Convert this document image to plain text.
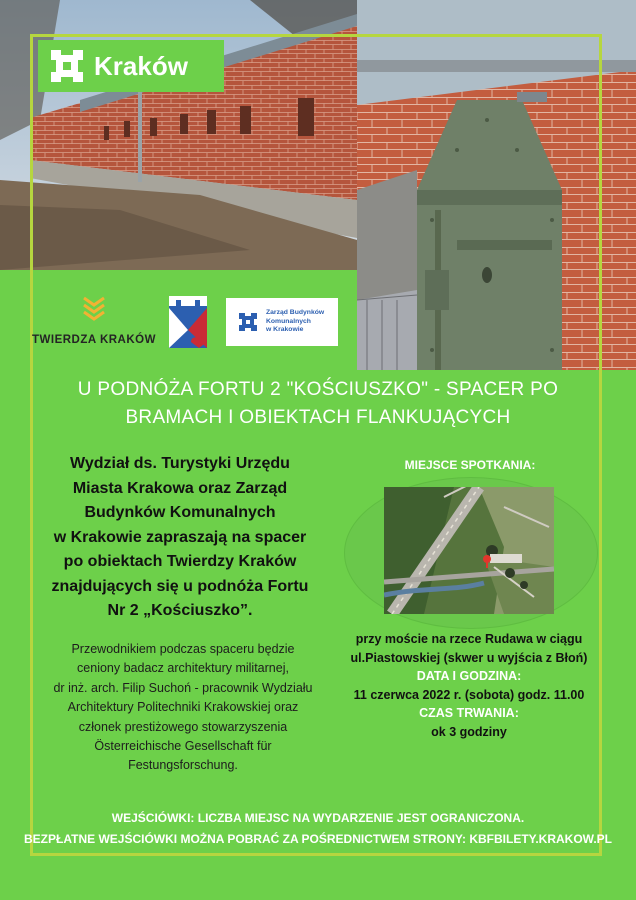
Kraków
TWIERDZA KRAKÓW
Zarząd Budynków
Komunalnych
w Krakowie
U PODNÓŻA FORTU 2 "KOŚCIUSZKO" - SPACER PO
BRAMACH I OBIEKTACH FLANKUJĄCYCH
Wydział ds. Turystyki Urzędu
Miasta Krakowa oraz Zarząd
Budynków Komunalnych
w Krakowie zapraszają na spacer
po obiektach Twierdzy Kraków
znajdujących się u podnóża Fortu
Nr 2 „Kościuszko”.
Przewodnikiem podczas spaceru będzie
ceniony badacz architektury militarnej,
dr inż. arch. Filip Suchoń - pracownik Wydziału
Architektury Politechniki Krakowskiej oraz
członek prestiżowego stowarzyszenia
Österreichische Gesellschaft für
Festungsforschung.
MIEJSCE SPOTKANIA:
przy moście na rzece Rudawa w ciągu
ul.Piastowskiej (skwer u wyjścia z Błoń)
DATA I GODZINA:
11 czerwca 2022 r. (sobota) godz. 11.00
CZAS TRWANIA:
ok 3 godziny
WEJŚCIÓWKI: LICZBA MIEJSC NA WYDARZENIE JEST OGRANICZONA.
BEZPŁATNE WEJŚCIÓWKI MOŻNA POBRAĆ ZA POŚREDNICTWEM STRONY: KBFBILETY.KRAKOW.PL
